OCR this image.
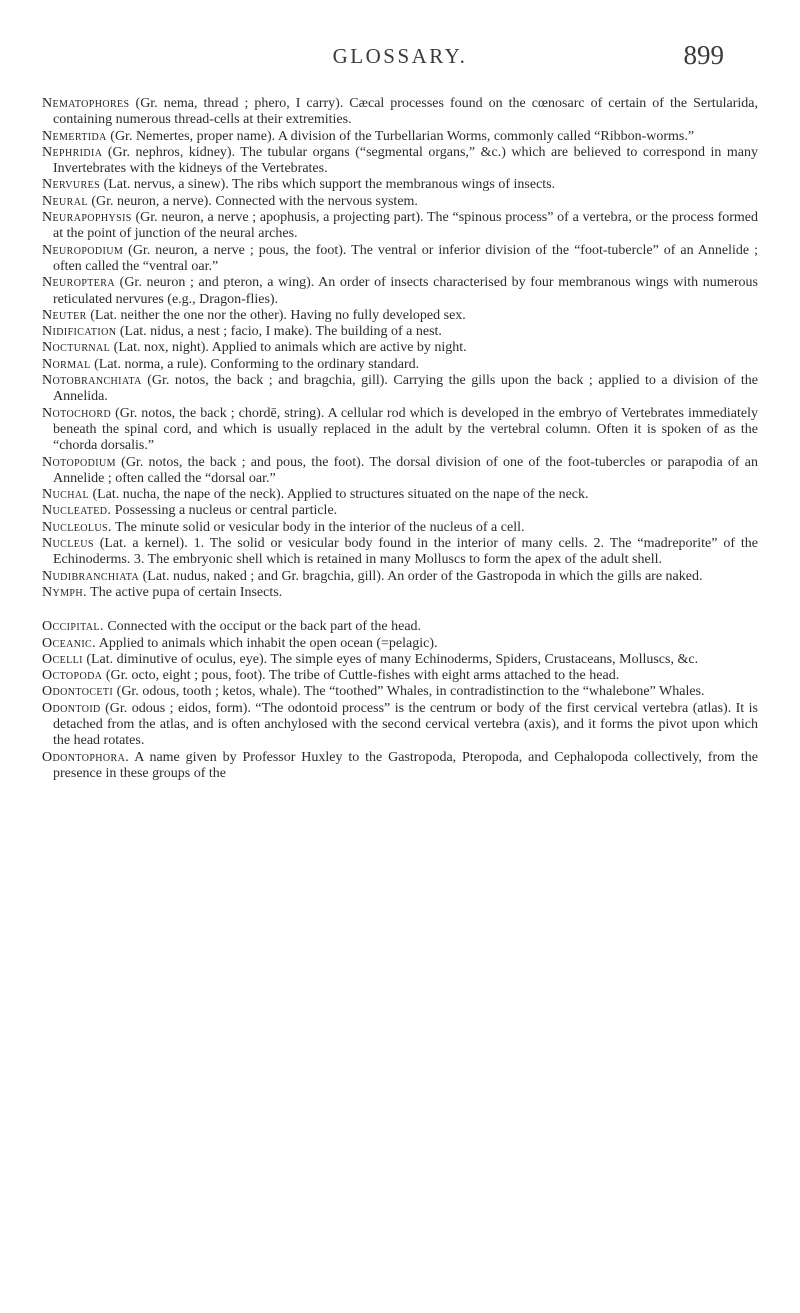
GLOSSARY.	899

Nematophores (Gr. nema, thread ; phero, I carry). Cæcal processes found on the cœnosarc of certain of the Sertularida, containing numerous thread-cells at their extremities.

Nemertida (Gr. Nemertes, proper name). A division of the Turbellarian Worms, commonly called “Ribbon-worms.”

Nephridia (Gr. nephros, kidney). The tubular organs (“segmental organs,” &c.) which are believed to correspond in many Invertebrates with the kidneys of the Vertebrates.

Nervures (Lat. nervus, a sinew). The ribs which support the membranous wings of insects.

Neural (Gr. neuron, a nerve). Connected with the nervous system.

Neurapophysis (Gr. neuron, a nerve ; apophusis, a projecting part). The “spinous process” of a vertebra, or the process formed at the point of junction of the neural arches.

Neuropodium (Gr. neuron, a nerve ; pous, the foot). The ventral or inferior division of the “foot-tubercle” of an Annelide ; often called the “ventral oar.”

Neuroptera (Gr. neuron ; and pteron, a wing). An order of insects characterised by four membranous wings with numerous reticulated nervures (e.g., Dragon-flies).

Neuter (Lat. neither the one nor the other). Having no fully developed sex.

Nidification (Lat. nidus, a nest ; facio, I make). The building of a nest.

Nocturnal (Lat. nox, night). Applied to animals which are active by night.

Normal (Lat. norma, a rule). Conforming to the ordinary standard.

Notobranchiata (Gr. notos, the back ; and bragchia, gill). Carrying the gills upon the back ; applied to a division of the Annelida.

Notochord (Gr. notos, the back ; chordē, string). A cellular rod which is developed in the embryo of Vertebrates immediately beneath the spinal cord, and which is usually replaced in the adult by the vertebral column. Often it is spoken of as the “chorda dorsalis.”

Notopodium (Gr. notos, the back ; and pous, the foot). The dorsal division of one of the foot-tubercles or parapodia of an Annelide ; often called the “dorsal oar.”

Nuchal (Lat. nucha, the nape of the neck). Applied to structures situated on the nape of the neck.

Nucleated. Possessing a nucleus or central particle.

Nucleolus. The minute solid or vesicular body in the interior of the nucleus of a cell.

Nucleus (Lat. a kernel). 1. The solid or vesicular body found in the interior of many cells. 2. The “madreporite” of the Echinoderms. 3. The embryonic shell which is retained in many Molluscs to form the apex of the adult shell.

Nudibranchiata (Lat. nudus, naked ; and Gr. bragchia, gill). An order of the Gastropoda in which the gills are naked.

Nymph. The active pupa of certain Insects.

Occipital. Connected with the occiput or the back part of the head.

Oceanic. Applied to animals which inhabit the open ocean (=pelagic).

Ocelli (Lat. diminutive of oculus, eye). The simple eyes of many Echinoderms, Spiders, Crustaceans, Molluscs, &c.

Octopoda (Gr. octo, eight ; pous, foot). The tribe of Cuttle-fishes with eight arms attached to the head.

Odontoceti (Gr. odous, tooth ; ketos, whale). The “toothed” Whales, in contradistinction to the “whalebone” Whales.

Odontoid (Gr. odous ; eidos, form). “The odontoid process” is the centrum or body of the first cervical vertebra (atlas). It is detached from the atlas, and is often anchylosed with the second cervical vertebra (axis), and it forms the pivot upon which the head rotates.

Odontophora. A name given by Professor Huxley to the Gastropoda, Pteropoda, and Cephalopoda collectively, from the presence in these groups of the
